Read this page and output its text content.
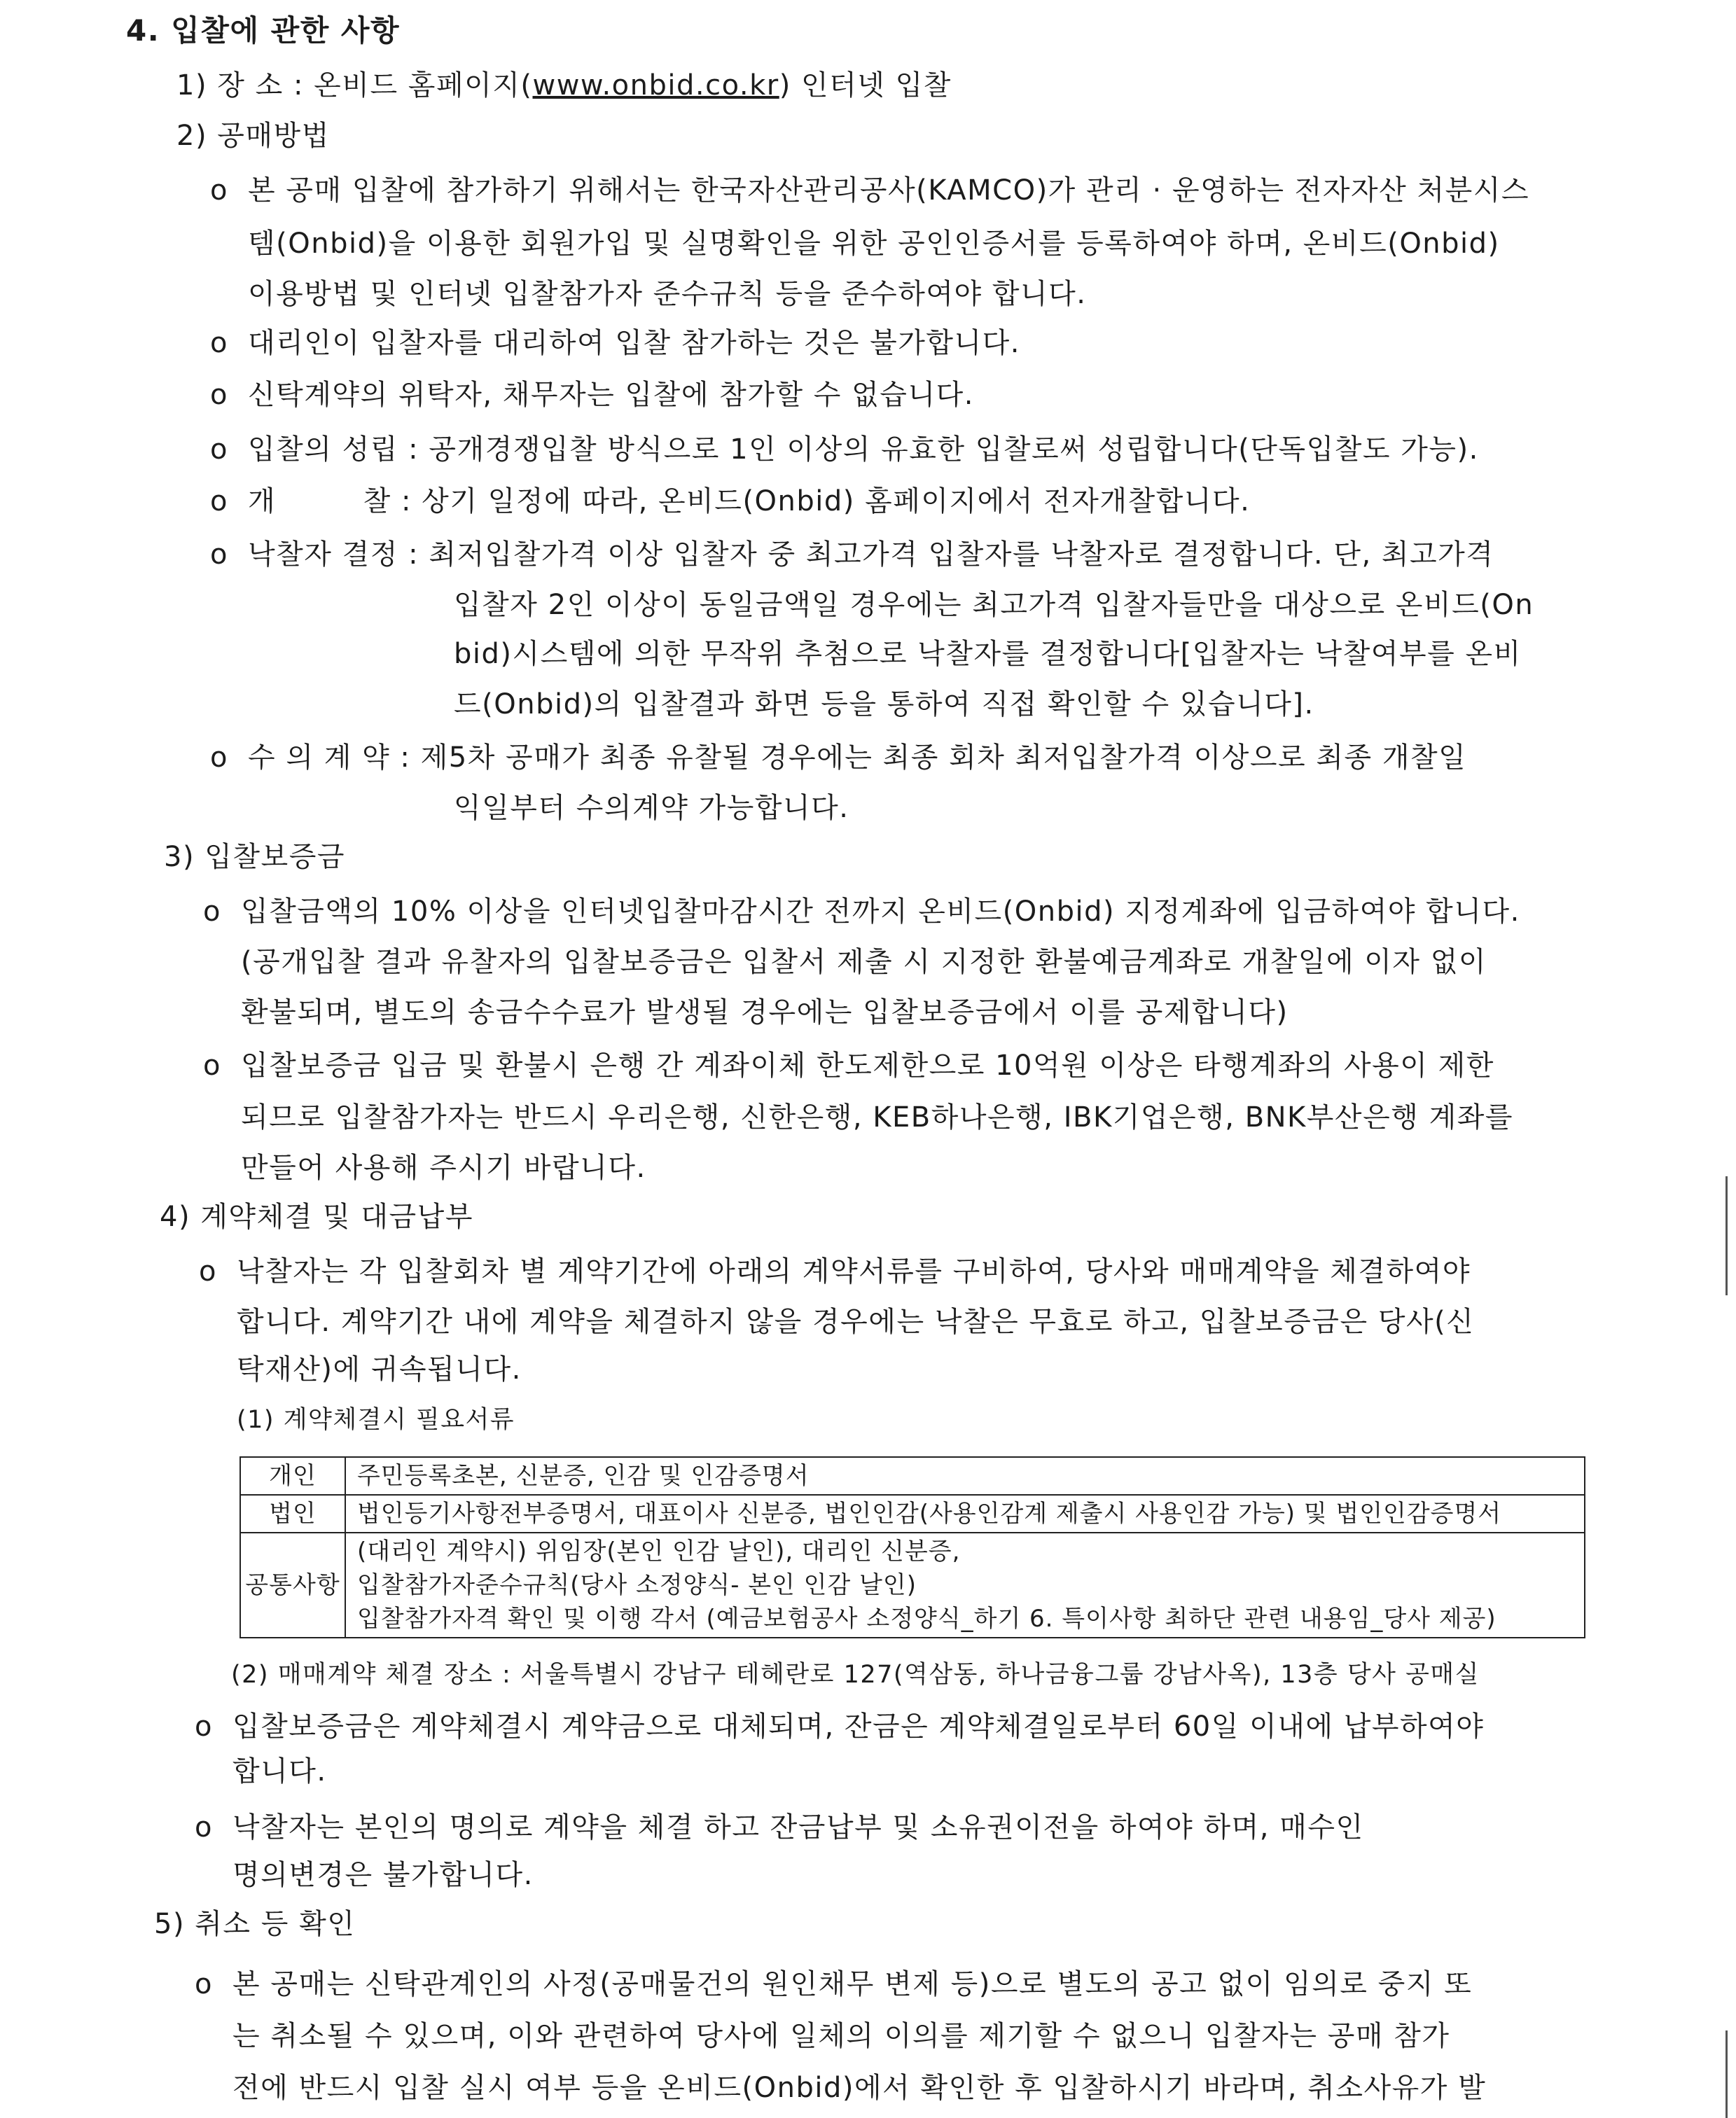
4. 입찰에 관한 사항

1) 장 소 : 온비드 홈페이지(www.onbid.co.kr) 인터넷 입찰

2) 공매방법

o 본 공매 입찰에 참가하기 위해서는 한국자산관리공사(KAMCO)가 관리 · 운영하는 전자자산 처분시스

템(Onbid)을 이용한 회원가입 및 실명확인을 위한 공인인증서를 등록하여야 하며, 온비드(Onbid)

이용방법 및 인터넷 입찰참가자 준수규칙 등을 준수하여야 합니다.

o 대리인이 입찰자를 대리하여 입찰 참가하는 것은 불가합니다.

o 신탁계약의 위탁자, 채무자는 입찰에 참가할 수 없습니다.

o 입찰의 성립 : 공개경쟁입찰 방식으로 1인 이상의 유효한 입찰로써 성립합니다(단독입찰도 가능).

o 개　　　찰 : 상기 일정에 따라, 온비드(Onbid) 홈페이지에서 전자개찰합니다.

o 낙찰자 결정 : 최저입찰가격 이상 입찰자 중 최고가격 입찰자를 낙찰자로 결정합니다. 단, 최고가격

입찰자 2인 이상이 동일금액일 경우에는 최고가격 입찰자들만을 대상으로 온비드(On

bid)시스템에 의한 무작위 추첨으로 낙찰자를 결정합니다[입찰자는 낙찰여부를 온비

드(Onbid)의 입찰결과 화면 등을 통하여 직접 확인할 수 있습니다].

o 수 의 계 약 : 제5차 공매가 최종 유찰될 경우에는 최종 회차 최저입찰가격 이상으로 최종 개찰일

익일부터 수의계약 가능합니다.

3) 입찰보증금

o 입찰금액의 10% 이상을 인터넷입찰마감시간 전까지 온비드(Onbid) 지정계좌에 입금하여야 합니다.

(공개입찰 결과 유찰자의 입찰보증금은 입찰서 제출 시 지정한 환불예금계좌로 개찰일에 이자 없이

환불되며, 별도의 송금수수료가 발생될 경우에는 입찰보증금에서 이를 공제합니다)

o 입찰보증금 입금 및 환불시 은행 간 계좌이체 한도제한으로 10억원 이상은 타행계좌의 사용이 제한

되므로 입찰참가자는 반드시 우리은행, 신한은행, KEB하나은행, IBK기업은행, BNK부산은행 계좌를

만들어 사용해 주시기 바랍니다.

4) 계약체결 및 대금납부

o 낙찰자는 각 입찰회차 별 계약기간에 아래의 계약서류를 구비하여, 당사와 매매계약을 체결하여야

합니다. 계약기간 내에 계약을 체결하지 않을 경우에는 낙찰은 무효로 하고, 입찰보증금은 당사(신

탁재산)에 귀속됩니다.

(1) 계약체결시 필요서류

개인	주민등록초본, 신분증, 인감 및 인감증명서

법인	법인등기사항전부증명서, 대표이사 신분증, 법인인감(사용인감계 제출시 사용인감 가능) 및 법인인감증명서

공통사항	(대리인 계약시) 위임장(본인 인감 날인), 대리인 신분증,
입찰참가자준수규칙(당사 소정양식- 본인 인감 날인)
입찰참가자격 확인 및 이행 각서 (예금보험공사 소정양식_하기 6. 특이사항 최하단 관련 내용임_당사 제공)

(2) 매매계약 체결 장소 : 서울특별시 강남구 테헤란로 127(역삼동, 하나금융그룹 강남사옥), 13층 당사 공매실

o 입찰보증금은 계약체결시 계약금으로 대체되며, 잔금은 계약체결일로부터 60일 이내에 납부하여야

합니다.

o 낙찰자는 본인의 명의로 계약을 체결 하고 잔금납부 및 소유권이전을 하여야 하며, 매수인

명의변경은 불가합니다.

5) 취소 등 확인

o 본 공매는 신탁관계인의 사정(공매물건의 원인채무 변제 등)으로 별도의 공고 없이 임의로 중지 또

는 취소될 수 있으며, 이와 관련하여 당사에 일체의 이의를 제기할 수 없으니 입찰자는 공매 참가

전에 반드시 입찰 실시 여부 등을 온비드(Onbid)에서 확인한 후 입찰하시기 바라며, 취소사유가 발
